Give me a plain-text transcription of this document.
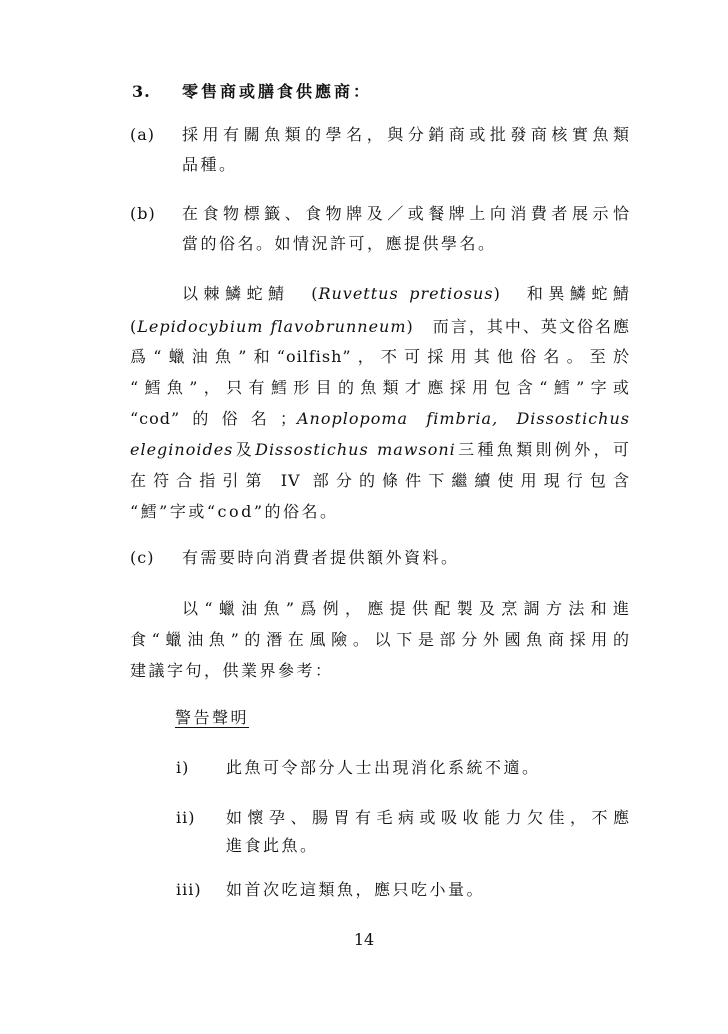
3. 零售商或膳食供應商：
(a) 採用有關魚類的學名，與分銷商或批發商核實魚類
品種。
(b) 在食物標籤、食物牌及／或餐牌上向消費者展示恰
當的俗名。如情況許可，應提供學名。
以棘鱗蛇鯖　(Ruvettus pretiosus)　和異鱗蛇鯖
(Lepidocybium flavobrunneum)　而言，其中、英文俗名應
爲“蠟油魚”和“oilfish”，不可採用其他俗名。至於
“鱈魚”，只有鱈形目的魚類才應採用包含“鱈”字或
“cod”的俗名；Anoplopoma fimbria, Dissostichus
eleginoides及Dissostichus mawsoni三種魚類則例外，可
在符合指引第 IV 部分的條件下繼續使用現行包含
“鱈”字或“cod”的俗名。
(c) 有需要時向消費者提供額外資料。
以“蠟油魚”爲例，應提供配製及烹調方法和進
食“蠟油魚”的潛在風險。以下是部分外國魚商採用的
建議字句，供業界參考：
警告聲明
i) 此魚可令部分人士出現消化系統不適。
ii) 如懷孕、腸胃有毛病或吸收能力欠佳，不應
進食此魚。
iii) 如首次吃這類魚，應只吃小量。
14
